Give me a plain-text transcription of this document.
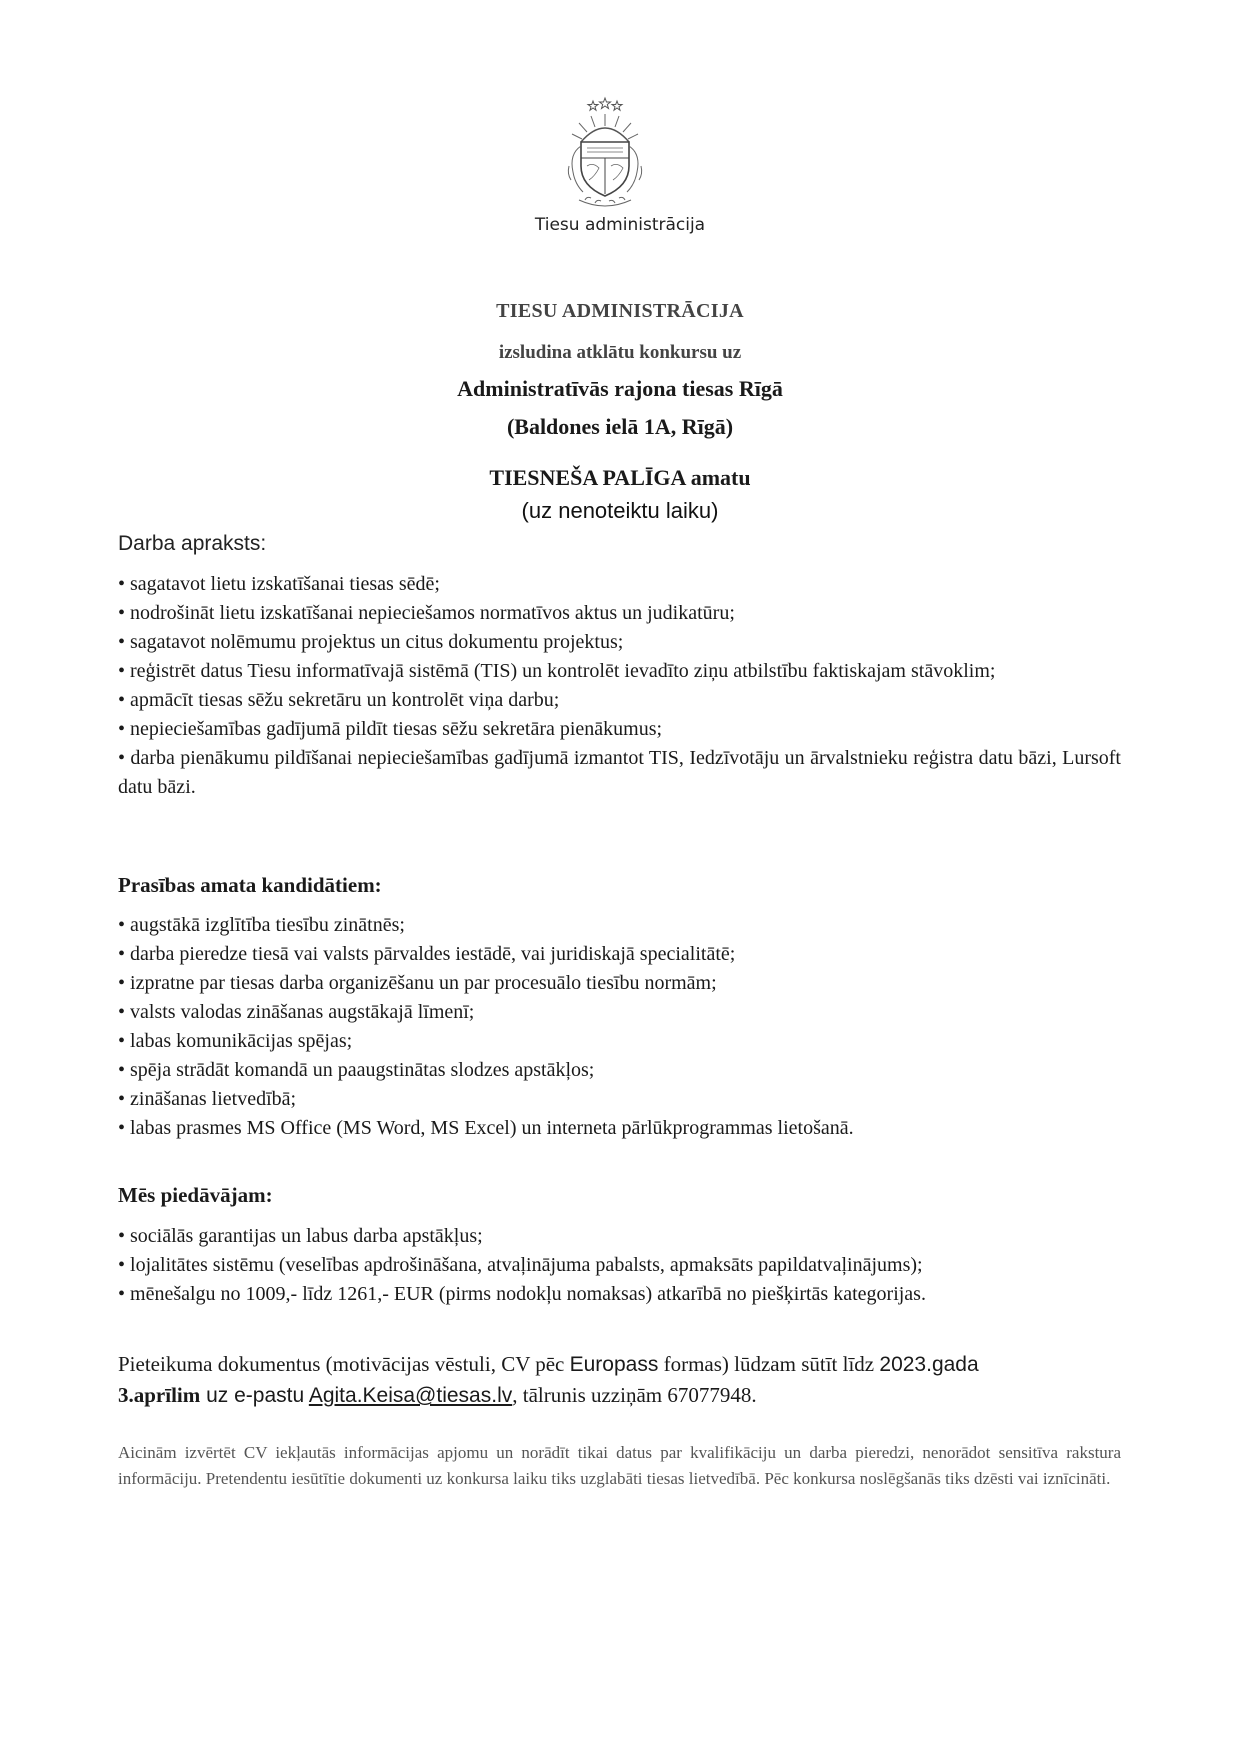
Tiesu administrācija
TIESU ADMINISTRĀCIJA
izsludina atklātu konkursu uz
Administratīvās rajona tiesas Rīgā
(Baldones ielā 1A, Rīgā)
TIESNEŠA PALĪGA amatu
(uz nenoteiktu laiku)
Darba apraksts:
• sagatavot lietu izskatīšanai tiesas sēdē;
• nodrošināt lietu izskatīšanai nepieciešamos normatīvos aktus un judikatūru;
• sagatavot nolēmumu projektus un citus dokumentu projektus;
• reģistrēt datus Tiesu informatīvajā sistēmā (TIS) un kontrolēt ievadīto ziņu atbilstību faktiskajam stāvoklim;
• apmācīt tiesas sēžu sekretāru un kontrolēt viņa darbu;
• nepieciešamības gadījumā pildīt tiesas sēžu sekretāra pienākumus;
• darba pienākumu pildīšanai nepieciešamības gadījumā izmantot TIS, Iedzīvotāju un ārvalstnieku reģistra datu bāzi, Lursoft datu bāzi.
Prasības amata kandidātiem:
• augstākā izglītība tiesību zinātnēs;
• darba pieredze tiesā vai valsts pārvaldes iestādē, vai juridiskajā specialitātē;
• izpratne par tiesas darba organizēšanu un par procesuālo tiesību normām;
• valsts valodas zināšanas augstākajā līmenī;
• labas komunikācijas spējas;
• spēja strādāt komandā un paaugstinātas slodzes apstākļos;
• zināšanas lietvedībā;
• labas prasmes MS Office (MS Word, MS Excel) un interneta pārlūkprogrammas lietošanā.
Mēs piedāvājam:
• sociālās garantijas un labus darba apstākļus;
• lojalitātes sistēmu (veselības apdrošināšana, atvaļinājuma pabalsts, apmaksāts papildatvaļinājums);
• mēnešalgu no 1009,- līdz 1261,- EUR (pirms nodokļu nomaksas) atkarībā no piešķirtās kategorijas.
Pieteikuma dokumentus (motivācijas vēstuli, CV pēc Europass formas) lūdzam sūtīt līdz 2023.gada
3.aprīlim uz e-pastu Agita.Keisa@tiesas.lv, tālrunis uzziņām 67077948.
Aicinām izvērtēt CV iekļautās informācijas apjomu un norādīt tikai datus par kvalifikāciju un darba pieredzi, nenorādot sensitīva rakstura informāciju. Pretendentu iesūtītie dokumenti uz konkursa laiku tiks uzglabāti tiesas lietvedībā. Pēc konkursa noslēgšanās tiks dzēsti vai iznīcināti.
